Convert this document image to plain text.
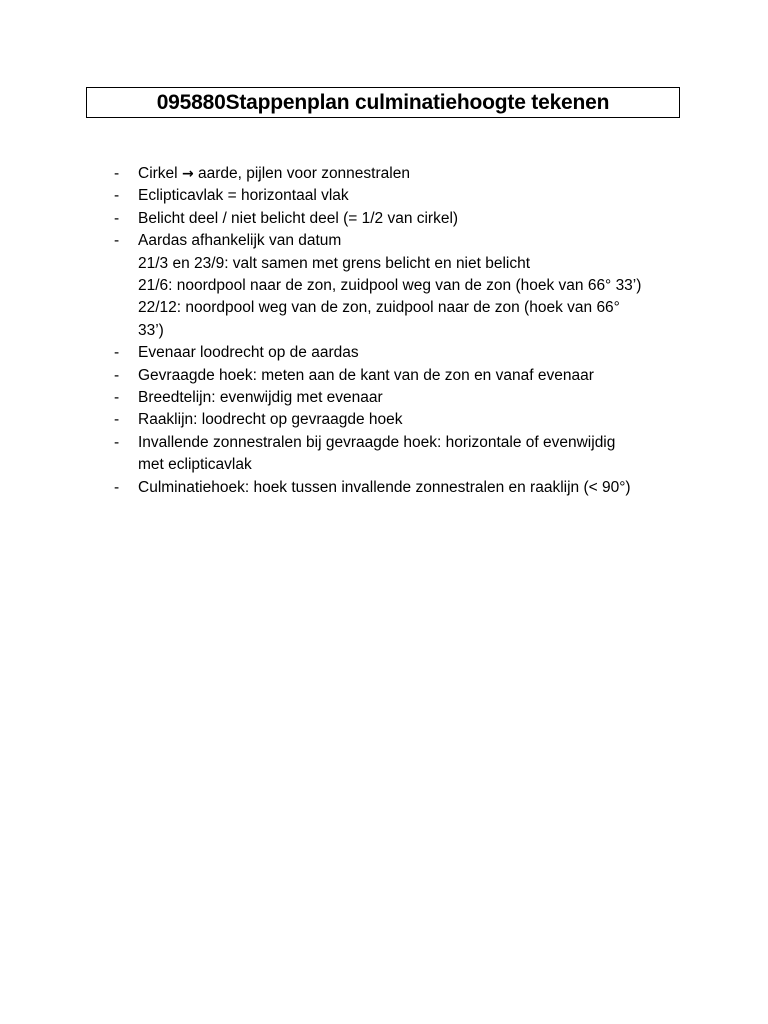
095880Stappenplan culminatiehoogte tekenen
-	Cirkel → aarde, pijlen voor zonnestralen
-	Eclipticavlak = horizontaal vlak
-	Belicht deel / niet belicht deel (= 1/2 van cirkel)
-	Aardas afhankelijk van datum
21/3 en 23/9: valt samen met grens belicht en niet belicht
21/6: noordpool naar de zon, zuidpool weg van de zon (hoek van 66° 33’)
22/12: noordpool weg van de zon, zuidpool naar de zon (hoek van 66°
33’)
-	Evenaar loodrecht op de aardas
-	Gevraagde hoek: meten aan de kant van de zon en vanaf evenaar
-	Breedtelijn: evenwijdig met evenaar
-	Raaklijn: loodrecht op gevraagde hoek
-	Invallende zonnestralen bij gevraagde hoek: horizontale of evenwijdig
met eclipticavlak
-	Culminatiehoek: hoek tussen invallende zonnestralen en raaklijn (< 90°)
